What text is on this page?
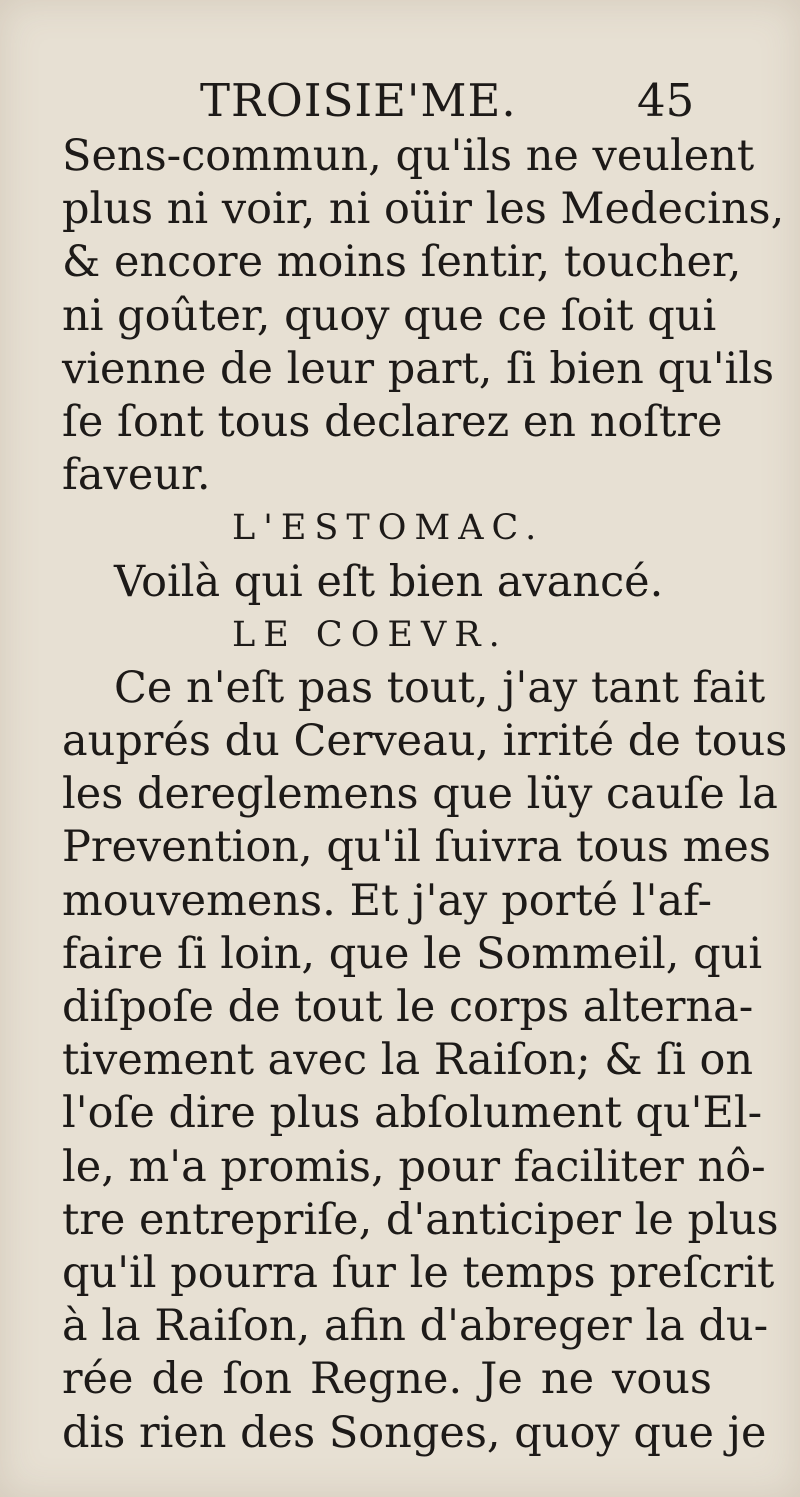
TROISIE'ME.	45
Sens-commun, qu'ils ne veulent
plus ni voir, ni oüir les Medecins,
& encore moins ſentir, toucher,
ni goûter, quoy que ce ſoit qui
vienne de leur part, ſi bien qu'ils
ſe ſont tous declarez en noſtre
faveur.
L'ESTOMAC.
Voilà qui eſt bien avancé.
LE COEVR.
Ce n'eſt pas tout, j'ay tant fait
auprés du Cerveau, irrité de tous
les dereglemens que lüy cauſe la
Prevention, qu'il ſuivra tous mes
mouvemens. Et j'ay porté l'af-
faire ſi loin, que le Sommeil, qui
diſpoſe de tout le corps alterna-
tivement avec la Raiſon; & ſi on
l'oſe dire plus abſolument qu'El-
le, m'a promis, pour faciliter nô-
tre entrepriſe, d'anticiper le plus
qu'il pourra ſur le temps preſcrit
à la Raiſon, afin d'abreger la du-
rée de ſon Regne. Je ne vous
dis rien des Songes, quoy que je
